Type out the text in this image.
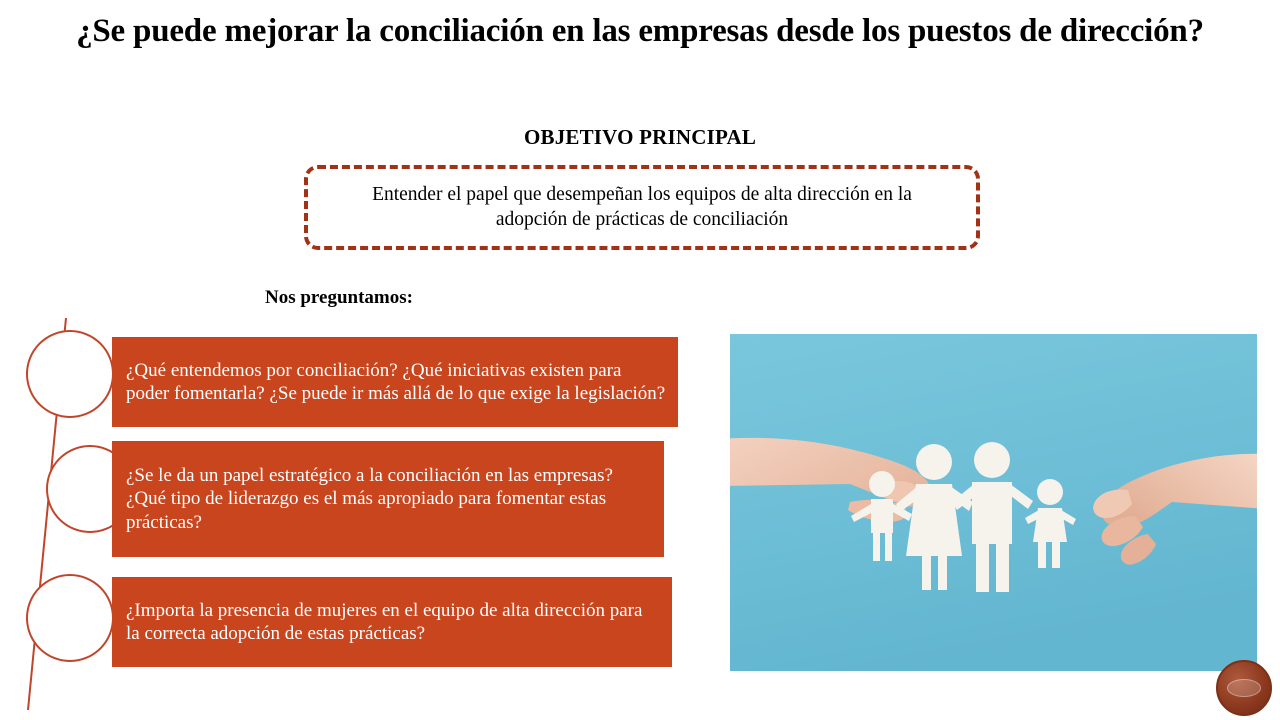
¿Se puede mejorar la conciliación en las empresas desde los puestos de dirección?
OBJETIVO PRINCIPAL
Entender el papel que desempeñan los equipos de alta dirección en la adopción de prácticas de conciliación
Nos preguntamos:
¿Qué entendemos por conciliación? ¿Qué iniciativas existen para poder fomentarla? ¿Se puede ir más allá de lo que exige la legislación?
¿Se le da un papel estratégico a la conciliación en las empresas? ¿Qué tipo de liderazgo es el más apropiado para fomentar estas prácticas?
¿Importa la presencia de mujeres en el equipo de alta dirección para la correcta adopción de estas prácticas?
